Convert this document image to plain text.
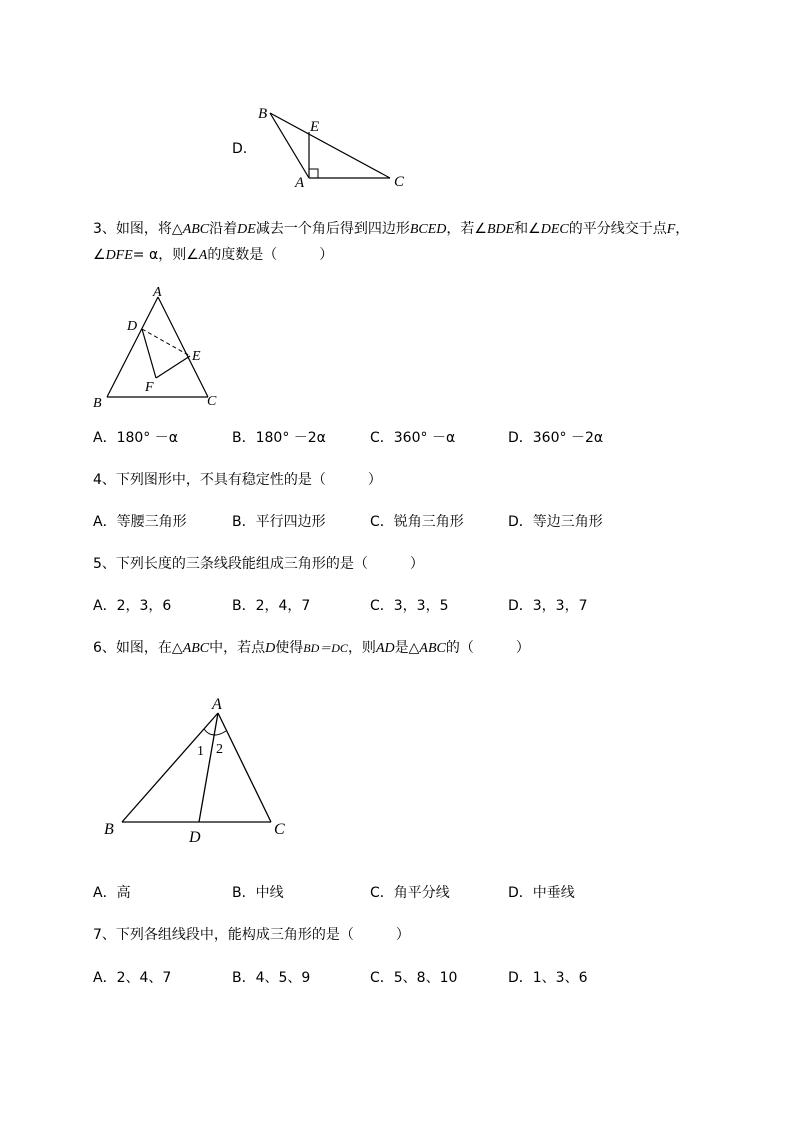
D.
B
E
A	C
3、如图，将△ABC沿着DE减去一个角后得到四边形BCED，若∠BDE和∠DEC的平分线交于点F，
∠DFE= α，则∠A的度数是（　　　）
A
D
E
F
B	C
A．180° －α	B．180° －2α	C．360° －α	D．360° －2α
4、下列图形中，不具有稳定性的是（　　　）
A．等腰三角形	B．平行四边形	C．锐角三角形	D．等边三角形
5、下列长度的三条线段能组成三角形的是（　　　）
A．2，3，6	B．2，4，7	C．3，3，5	D．3，3，7
6、如图，在△ABC中，若点D使得BD＝DC，则AD是△ABC的（　　　）
A
B	C
D
1 2
A．高	B．中线	C．角平分线	D．中垂线
7、下列各组线段中，能构成三角形的是（　　　）
A．2、4、7	B．4、5、9	C．5、8、10	D．1、3、6
